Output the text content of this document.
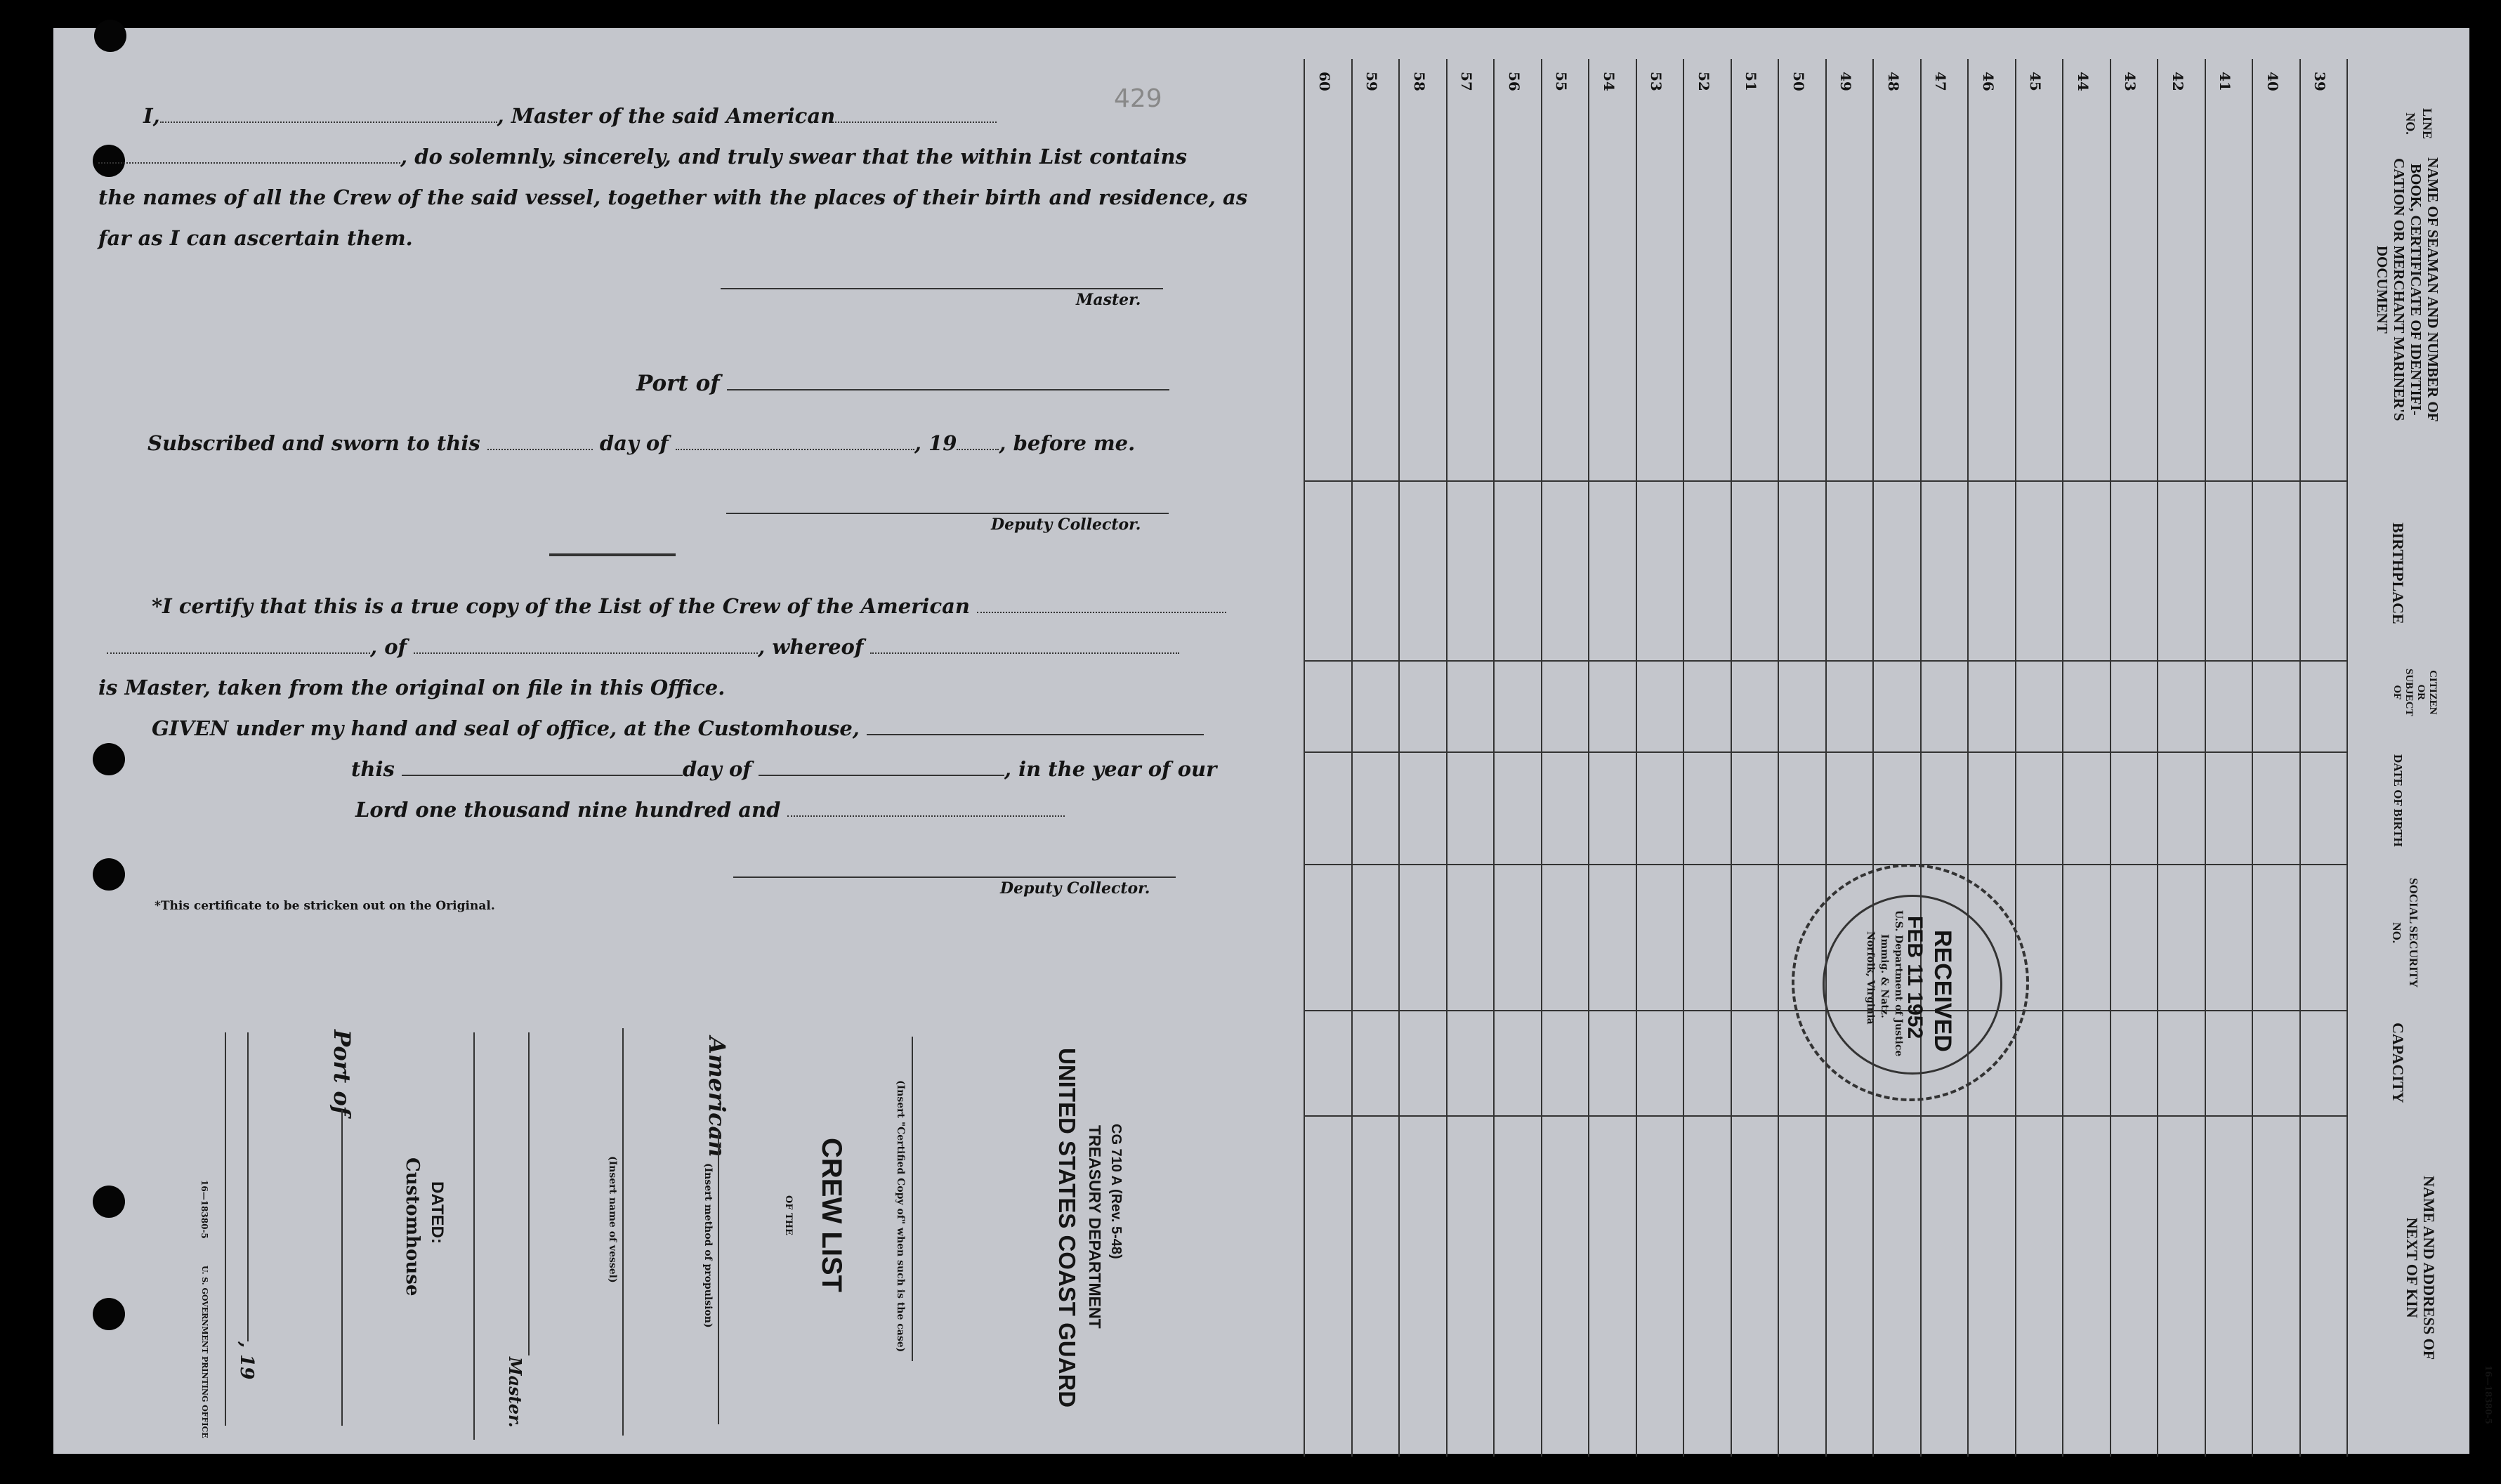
429
I,	, Master of the said American
, do solemnly, sincerely, and truly swear that the within List contains
the names of all the Crew of the said vessel, together with the places of their birth and residence, as
far as I can ascertain them.
Master.
Port of
Subscribed and sworn to this	day of	, 19 , before me.
Deputy Collector.
*I certify that this is a true copy of the List of the Crew of the American
, of	, whereof
is Master, taken from the original on file in this Office.
GIVEN under my hand and seal of office, at the Customhouse,
this	day of	, in the year of our
Lord one thousand nine hundred and
Deputy Collector.
*This certificate to be stricken out on the Original.
CG 710 A (Rev. 5-48)
TREASURY DEPARTMENT
UNITED STATES COAST GUARD
(Insert "Certified Copy of" when such is the case)
CREW LIST
OF THE
American
(Insert method of propulsion)
(Insert name of vessel)
Master.
DATED:
Customhouse
Port of
, 19
16—18380-5
U. S. GOVERNMENT PRINTING OFFICE
LINE
NO.
NAME OF SEAMAN AND NUMBER OF
BOOK, CERTIFICATE OF IDENTIFI-
CATION OR MERCHANT MARINER'S
DOCUMENT
BIRTHPLACE
CITIZEN
OR
SUBJECT
OF
DATE OF BIRTH
SOCIAL SECURITY
NO.
CAPACITY
NAME AND ADDRESS OF
NEXT OF KIN
16—18380-5
39
40
41
42
43
44
45
46
47
48
49
50
51
52
53
54
55
56
57
58
59
60
RECEIVED
FEB 11 1952
U.S. Department of Justice
Immig. & Natz.
Norfolk, Virginia
